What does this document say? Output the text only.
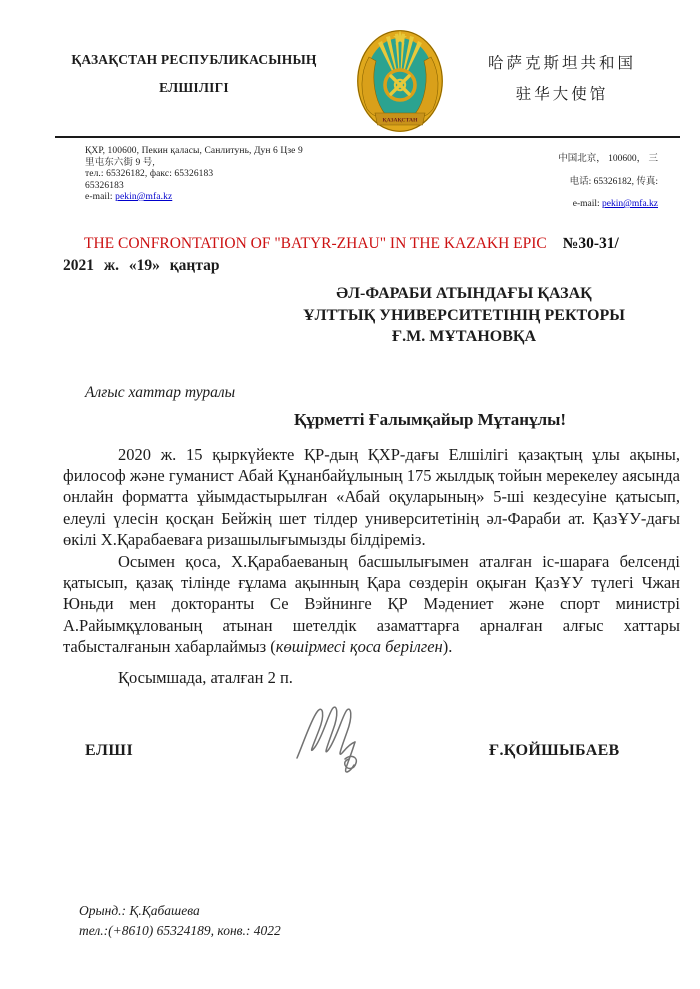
ҚАЗАҚСТАН РЕСПУБЛИКАСЫНЫҢ
ЕЛШІЛІГІ
ҚАЗАҚСТАН
哈萨克斯坦共和国
驻华大使馆
ҚХР, 100600, Пекин қаласы, Санлитунь, Дун 6 Цзе 9
里屯东六街 9 号,
тел.: 65326182, факс: 65326183
65326183
e-mail: pekin@mfa.kz
中国北京， 100600， 三
电话: 65326182, 传真:
e-mail: pekin@mfa.kz
THE CONFRONTATION OF "BATYR-ZHAU" IN THE KAZAKH EPIC №30-31/
2021 ж. «19» қаңтар
ӘЛ-ФАРАБИ АТЫНДАҒЫ ҚАЗАҚ
ҰЛТТЫҚ УНИВЕРСИТЕТІНІҢ РЕКТОРЫ
Ғ.М. МҰТАНОВҚА
Алғыс хаттар туралы
Құрметті Ғалымқайыр Мұтанұлы!
2020 ж. 15 қыркүйекте ҚР-дың ҚХР-дағы Елшілігі қазақтың ұлы ақыны, философ және гуманист Абай Құнанбайұлының 175 жылдық тойын мерекелеу аясында онлайн форматта ұйымдастырылған «Абай оқуларының» 5-ші кездесуіне қатысып, елеулі үлесін қосқан Бейжің шет тілдер университетінің әл-Фараби ат. ҚазҰУ-дағы өкілі Х.Қарабаеваға ризашылығымызды білдіреміз.
Осымен қоса, Х.Қарабаеваның басшылығымен аталған іс-шараға белсенді қатысып, қазақ тілінде ғұлама ақынның Қара сөздерін оқыған ҚазҰУ түлегі Чжан Юньди мен докторанты Се Вэйнинге ҚР Мәдениет және спорт министрі А.Райымқұлованың атынан шетелдік азаматтарға арналған алғыс хаттары табысталғанын хабарлаймыз (көшірмесі қоса берілген).
Қосымшада, аталған 2 п.
ЕЛШІ	Ғ.ҚОЙШЫБАЕВ
Орынд.: Қ.Қабашева
тел.:(+8610) 65324189, конв.: 4022
